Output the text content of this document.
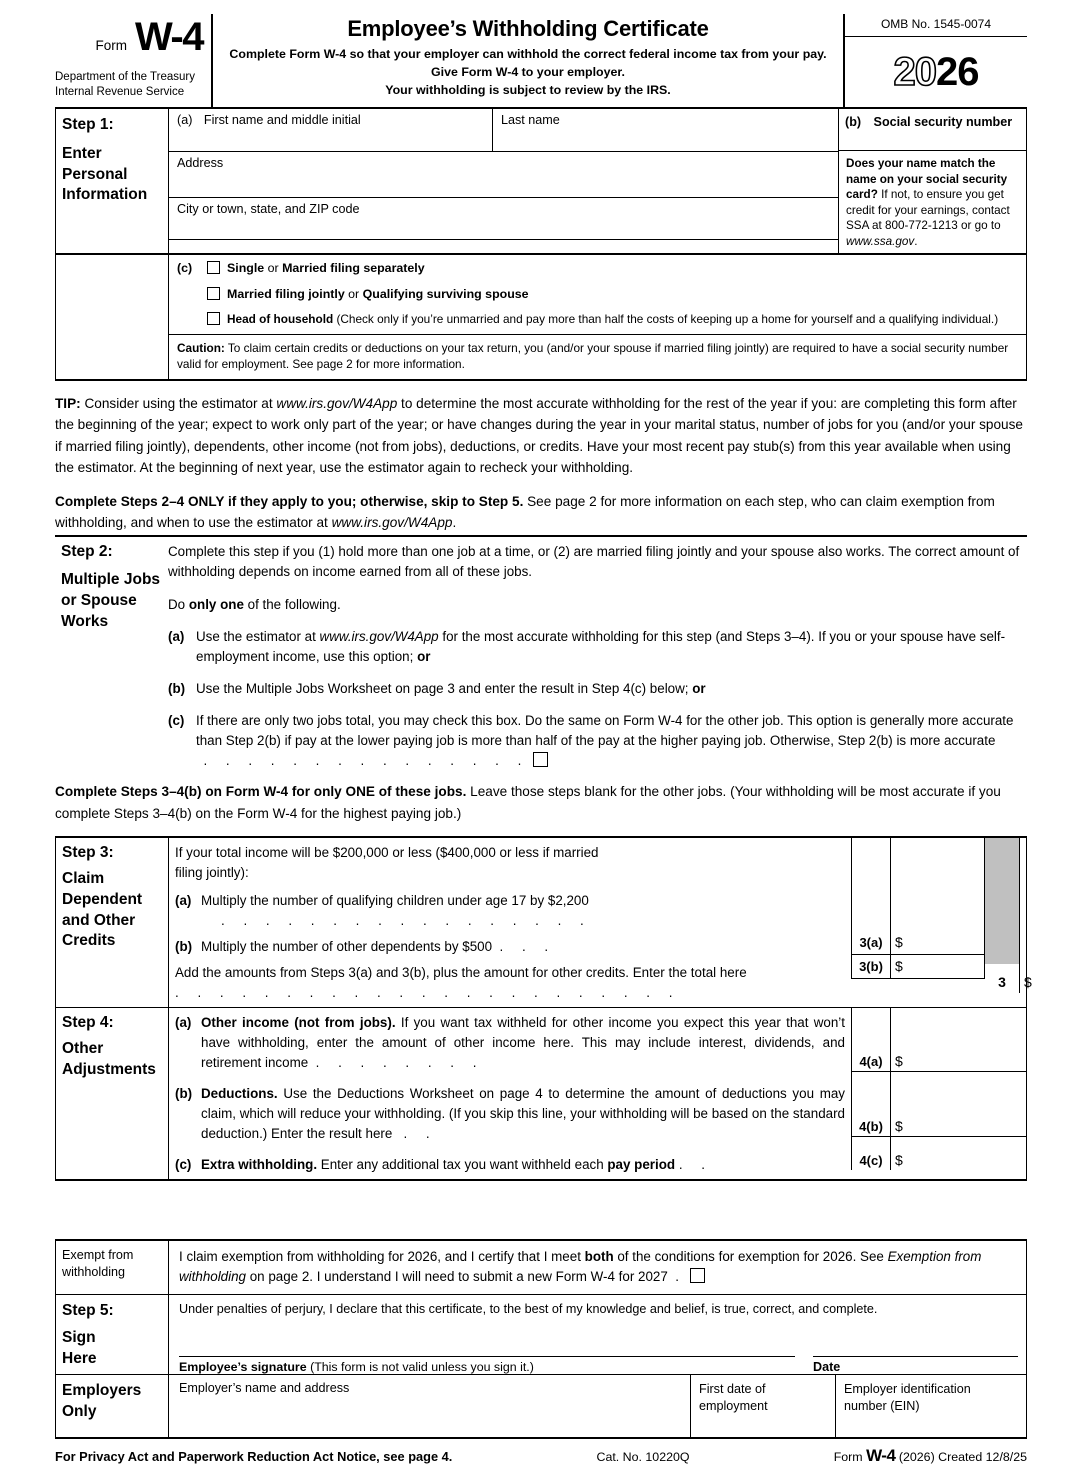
Form W-4
Department of the Treasury
Internal Revenue Service
Employee’s Withholding Certificate
Complete Form W-4 so that your employer can withhold the correct federal income tax from your pay.
Give Form W-4 to your employer.
Your withholding is subject to review by the IRS.
OMB No. 1545-0074
20 26
Step 1:
Enter
Personal
Information
(a) First name and middle initial	Last name
Address
City or town, state, and ZIP code
(b) Social security number
Does your name match the name on your social security card? If not, to ensure you get credit for your earnings, contact SSA at 800-772-1213 or go to www.ssa.gov.
(c)	Single or Married filing separately
Married filing jointly or Qualifying surviving spouse
Head of household (Check only if you’re unmarried and pay more than half the costs of keeping up a home for yourself and a qualifying individual.)
Caution: To claim certain credits or deductions on your tax return, you (and/or your spouse if married filing jointly) are required to have a social security number valid for employment. See page 2 for more information.

TIP: Consider using the estimator at www.irs.gov/W4App to determine the most accurate withholding for the rest of the year if you: are completing this form after the beginning of the year; expect to work only part of the year; or have changes during the year in your marital status, number of jobs for you (and/or your spouse if married filing jointly), dependents, other income (not from jobs), deductions, or credits. Have your most recent pay stub(s) from this year available when using the estimator. At the beginning of next year, use the estimator again to recheck your withholding.

Complete Steps 2–4 ONLY if they apply to you; otherwise, skip to Step 5. See page 2 for more information on each step, who can claim exemption from withholding, and when to use the estimator at www.irs.gov/W4App.

Step 2:
Multiple Jobs
or Spouse
Works

Complete this step if you (1) hold more than one job at a time, or (2) are married filing jointly and your spouse also works. The correct amount of withholding depends on income earned from all of these jobs.

Do only one of the following.

(a) Use the estimator at www.irs.gov/W4App for the most accurate withholding for this step (and Steps 3–4). If you or your spouse have self-employment income, use this option; or
(b) Use the Multiple Jobs Worksheet on page 3 and enter the result in Step 4(c) below; or
(c) If there are only two jobs total, you may check this box. Do the same on Form W-4 for the other job. This option is generally more accurate than Step 2(b) if pay at the lower paying job is more than half of the pay at the higher paying job. Otherwise, Step 2(b) is more accurate   . . . . . . . . . . . . . . .
Complete Steps 3–4(b) on Form W-4 for only ONE of these jobs. Leave those steps blank for the other jobs. (Your withholding will be most accurate if you complete Steps 3–4(b) on the Form W-4 for the highest paying job.)
Step 3:
Claim
Dependent
and Other
Credits

If your total income will be $200,000 or less ($400,000 or less if married filing jointly):

(a) Multiply the number of qualifying children under age 17 by $2,200
. . . . . . . . . . . . . . . . .
(b) Multiply the number of other dependents by $500 . . .
Add the amounts from Steps 3(a) and 3(b), plus the amount for other credits. Enter the total here . . . . . . . . . . . . . . . . . . . . . . .
3(a) $
3(b) $
3	$
Step 4:
Other
Adjustments
(a) Other income (not from jobs). If you want tax withheld for other income you expect this year that won’t have withholding, enter the amount of other income here. This may include interest, dividends, and retirement income . . . . . . . .
(b) Deductions. Use the Deductions Worksheet on page 4 to determine the amount of deductions you may claim, which will reduce your withholding. (If you skip this line, your withholding will be based on the standard deduction.) Enter the result here . .
(c) Extra withholding. Enter any additional tax you want withheld each pay period . .
4(a) $
4(b) $
4(c) $
Exempt from
withholding
I claim exemption from withholding for 2026, and I certify that I meet both of the conditions for exemption for 2026. See Exemption from withholding on page 2. I understand I will need to submit a new Form W-4 for 2027 .
Step 5:
Sign
Here
Under penalties of perjury, I declare that this certificate, to the best of my knowledge and belief, is true, correct, and complete.
Employee’s signature (This form is not valid unless you sign it.)	Date
Employers
Only
Employer’s name and address	First date of
employment
Employer identification
number (EIN)
For Privacy Act and Paperwork Reduction Act Notice, see page 4.	Cat. No. 10220Q	Form W-4 (2026) Created 12/8/25
